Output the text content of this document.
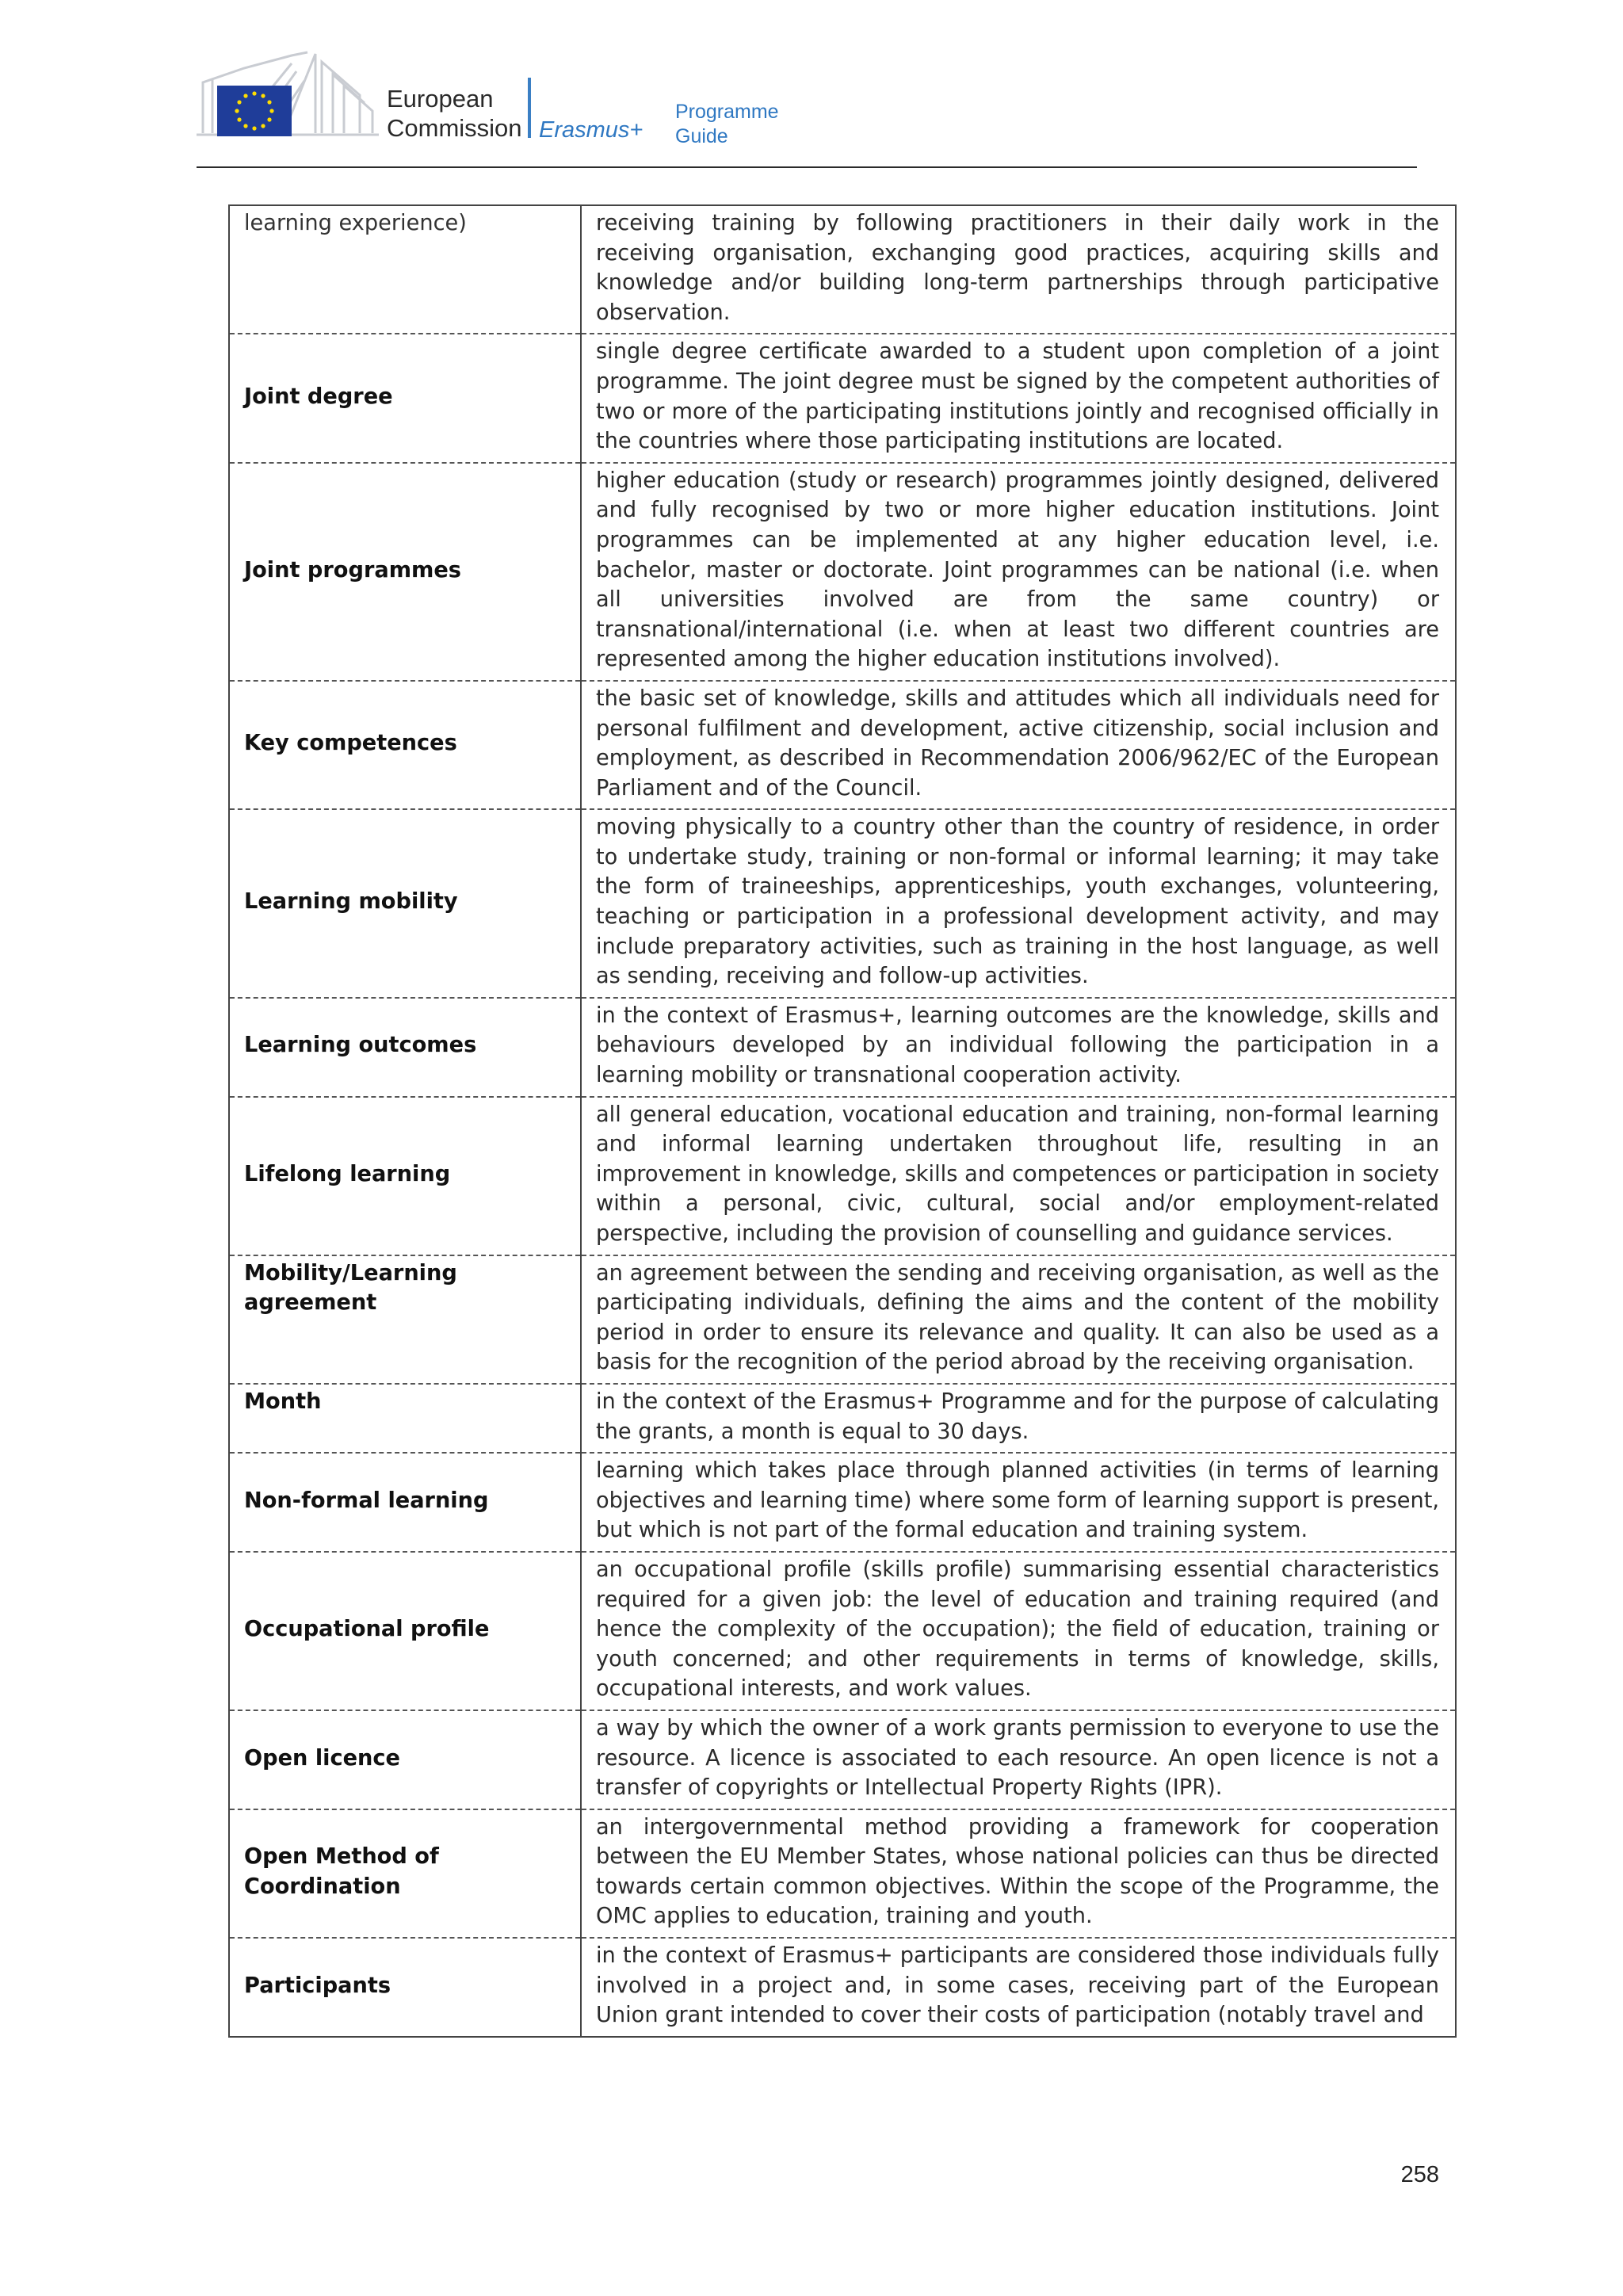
European
Commission Erasmus+
Programme
Guide
learning experience)	receiving training by following practitioners in their daily work in the receiving organisation, exchanging good practices, acquiring skills and knowledge and/or building long-term partnerships through participative observation.
Joint degree	single degree certificate awarded to a student upon completion of a joint programme. The joint degree must be signed by the competent authorities of two or more of the participating institutions jointly and recognised officially in the countries where those participating institutions are located.
Joint programmes	higher education (study or research) programmes jointly designed, delivered and fully recognised by two or more higher education institutions. Joint programmes can be implemented at any higher education level, i.e. bachelor, master or doctorate. Joint programmes can be national (i.e. when all universities involved are from the same country) or transnational/international (i.e. when at least two different countries are represented among the higher education institutions involved).
Key competences	the basic set of knowledge, skills and attitudes which all individuals need for personal fulfilment and development, active citizenship, social inclusion and employment, as described in Recommendation 2006/962/EC of the European Parliament and of the Council.
Learning mobility	moving physically to a country other than the country of residence, in order to undertake study, training or non-formal or informal learning; it may take the form of traineeships, apprenticeships, youth exchanges, volunteering, teaching or participation in a professional development activity, and may include preparatory activities, such as training in the host language, as well as sending, receiving and follow-up activities.
Learning outcomes	in the context of Erasmus+, learning outcomes are the knowledge, skills and behaviours developed by an individual following the participation in a learning mobility or transnational cooperation activity.
Lifelong learning	all general education, vocational education and training, non-formal learning and informal learning undertaken throughout life, resulting in an improvement in knowledge, skills and competences or participation in society within a personal, civic, cultural, social and/or employment-related perspective, including the provision of counselling and guidance services.
Mobility/Learning agreement	an agreement between the sending and receiving organisation, as well as the participating individuals, defining the aims and the content of the mobility period in order to ensure its relevance and quality. It can also be used as a basis for the recognition of the period abroad by the receiving organisation.
Month	in the context of the Erasmus+ Programme and for the purpose of calculating the grants, a month is equal to 30 days.
Non-formal learning	learning which takes place through planned activities (in terms of learning objectives and learning time) where some form of learning support is present, but which is not part of the formal education and training system.
Occupational profile	an occupational profile (skills profile) summarising essential characteristics required for a given job: the level of education and training required (and hence the complexity of the occupation); the field of education, training or youth concerned; and other requirements in terms of knowledge, skills, occupational interests, and work values.
Open licence	a way by which the owner of a work grants permission to everyone to use the resource. A licence is associated to each resource. An open licence is not a transfer of copyrights or Intellectual Property Rights (IPR).
Open Method of Coordination	an intergovernmental method providing a framework for cooperation between the EU Member States, whose national policies can thus be directed towards certain common objectives. Within the scope of the Programme, the OMC applies to education, training and youth.
Participants	in the context of Erasmus+ participants are considered those individuals fully involved in a project and, in some cases, receiving part of the European Union grant intended to cover their costs of participation (notably travel and
258
